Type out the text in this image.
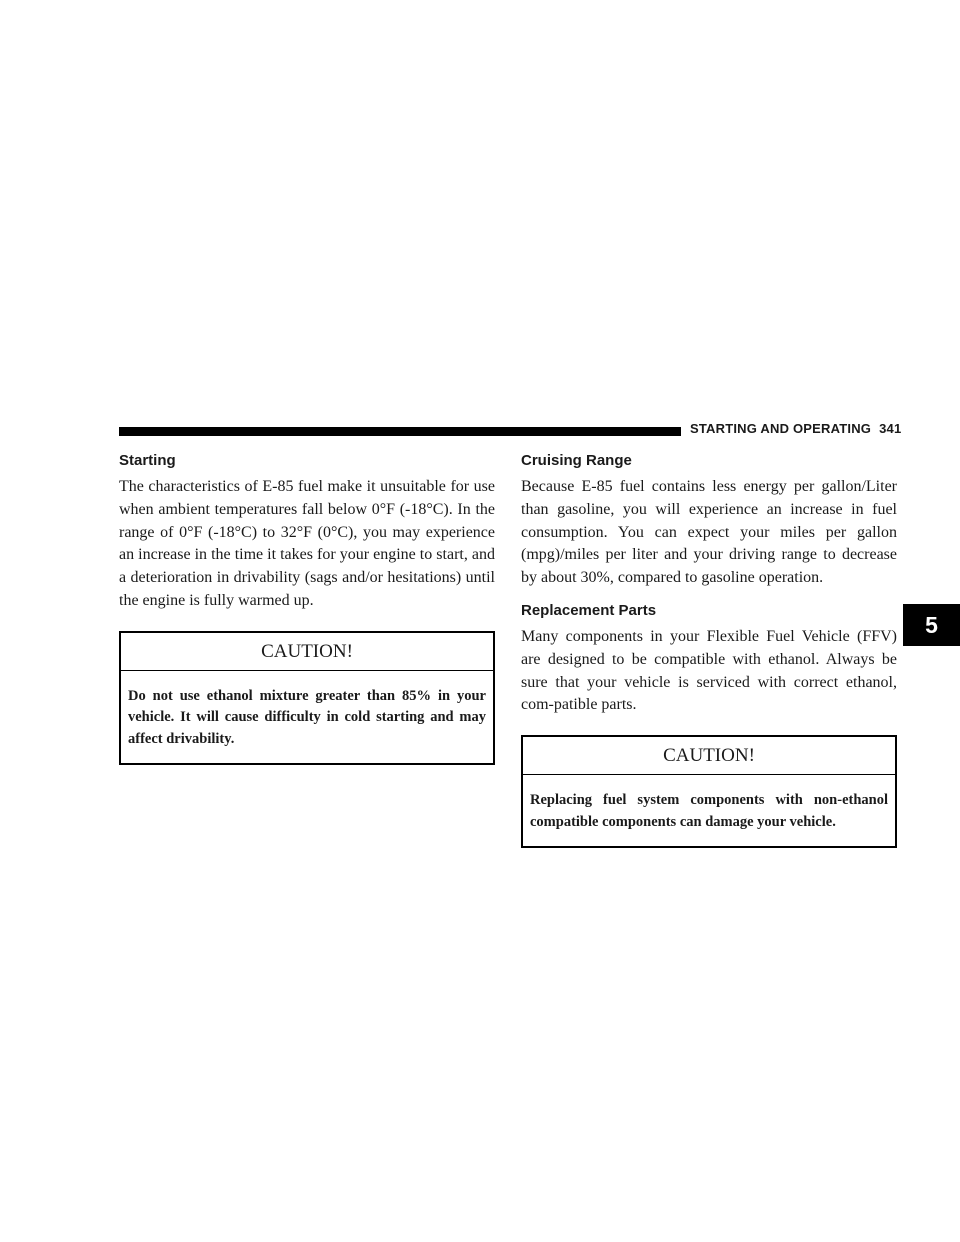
STARTING AND OPERATING 341
5
Starting

The characteristics of E-85 fuel make it unsuitable for use when ambient temperatures fall below 0°F (-18°C). In the range of 0°F (-18°C) to 32°F (0°C), you may experience an increase in the time it takes for your engine to start, and a deterioration in drivability (sags and/or hesitations) until the engine is fully warmed up.

CAUTION!
Do not use ethanol mixture greater than 85% in your vehicle. It will cause difficulty in cold starting and may affect drivability.
Cruising Range

Because E-85 fuel contains less energy per gallon/Liter than gasoline, you will experience an increase in fuel consumption. You can expect your miles per gallon (mpg)/miles per liter and your driving range to decrease by about 30%, compared to gasoline operation.

Replacement Parts

Many components in your Flexible Fuel Vehicle (FFV) are designed to be compatible with ethanol. Always be sure that your vehicle is serviced with correct ethanol, com-patible parts.

CAUTION!
Replacing fuel system components with non-ethanol compatible components can damage your vehicle.
